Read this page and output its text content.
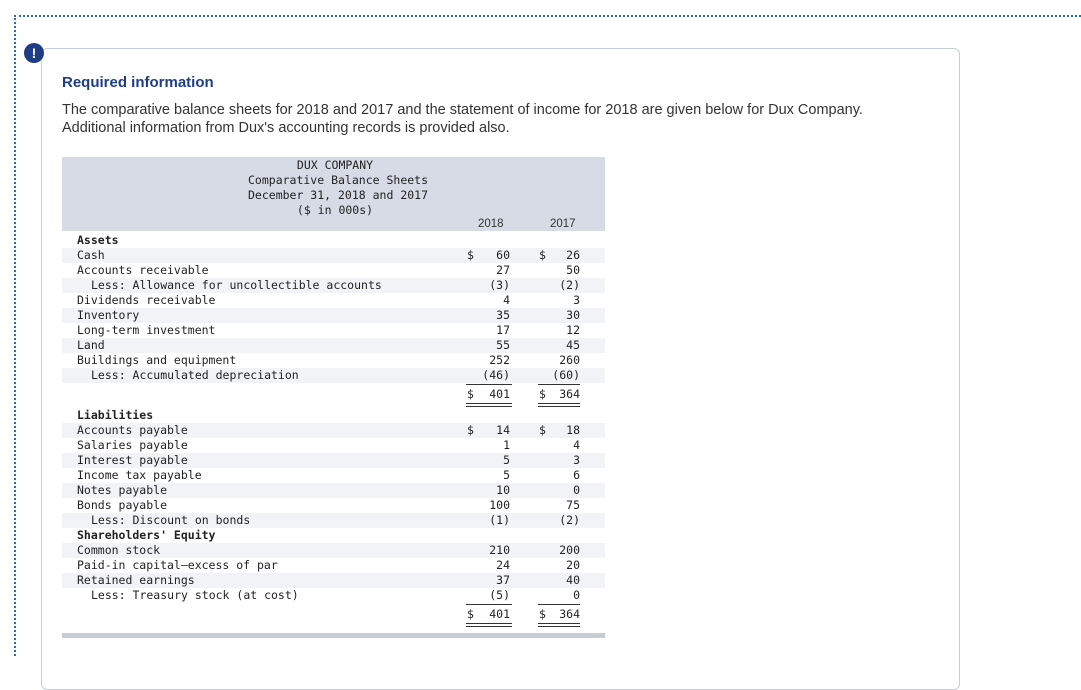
!
Required information

The comparative balance sheets for 2018 and 2017 and the statement of income for 2018 are given below for Dux Company. Additional information from Dux's accounting records is provided also.

DUX COMPANY
Comparative Balance Sheets
December 31, 2018 and 2017
($ in 000s)
2018	2017
Assets
Cash	$	60	$	26
Accounts receivable	27	50
Less: Allowance for uncollectible accounts	(3)	(2)
Dividends receivable	4	3
Inventory	35	30
Long-term investment	17	12
Land	55	45
Buildings and equipment	252	260
Less: Accumulated depreciation	(46)	(60)
$	401	$	364
Liabilities
Accounts payable	$	14	$	18
Salaries payable	1	4
Interest payable	5	3
Income tax payable	5	6
Notes payable	10	0
Bonds payable	100	75
Less: Discount on bonds	(1)	(2)
Shareholders' Equity
Common stock	210	200
Paid-in capital—excess of par	24	20
Retained earnings	37	40
Less: Treasury stock (at cost)	(5)	0
$	401	$	364
